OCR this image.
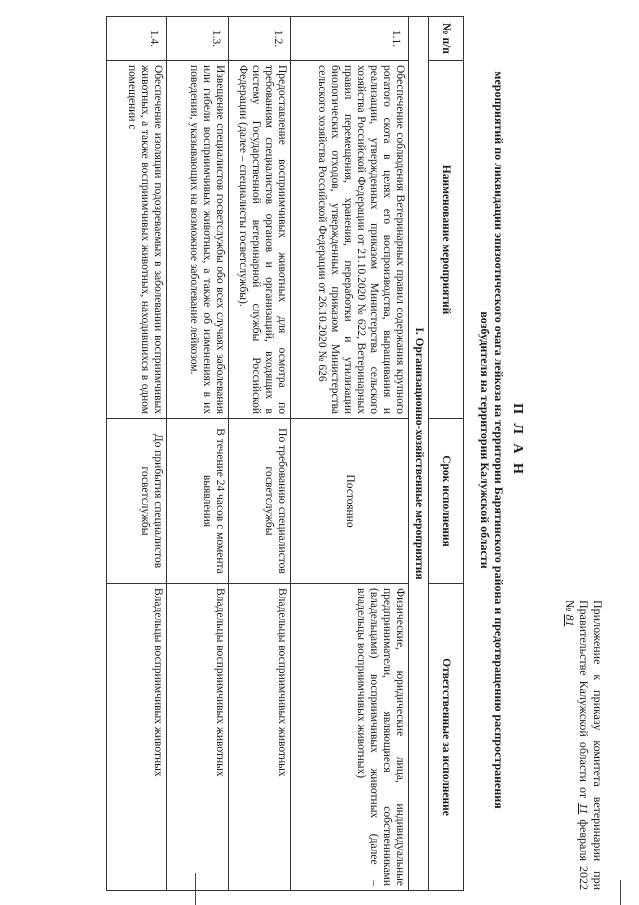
Приложение к приказу комитета ветеринарии при Правительстве Калужской области от 11 февраля 2022 № 81
П Л А Н
мероприятий по ликвидации эпизоотического очага лейкоза на территории Барятинского района и предотвращению распространения возбудителя на территории Калужской области
№ п/п	Наименование мероприятий	Срок исполнения	Ответственные за исполнение
I. Организационно-хозяйственные мероприятия			
1.1.	Обеспечение соблюдения Ветеринарных правил содержания крупного рогатого скота в целях его воспроизводства, выращивания и реализации, утвержденных приказом Министерства сельского хозяйства Российской Федерации от 21.10.2020 № 622, Ветеринарных правил перемещения, хранения, переработки и утилизации биологических отходов, утвержденных приказом Министерства сельского хозяйства Российской Федерации от 26.10.2020 № 626	Постоянно	Физические, юридические лица, индивидуальные предприниматели, являющиеся собственниками (владельцами) восприимчивых животных (далее – владельцы восприимчивых животных)
1.2.	Предоставление восприимчивых животных для осмотра по требованиям специалистов органов и организаций, входящих в систему Государственной ветеринарной службы Российской Федерации (далее – специалисты госветслужбы).	По требованию специалистов госветслужбы	Владельцы восприимчивых животных
1.3.	Извещение специалистов госветслужбы обо всех случаях заболевания или гибели восприимчивых животных, а также об изменениях в их поведении, указывающих на возможное заболевание лейкозом.	В течение 24 часов с момента выявления	Владельцы восприимчивых животных
1.4.	Обеспечение изоляции подозреваемых в заболевании восприимчивых животных, а также восприимчивых животных, находившихся в одном помещении с	До прибытия специалистов госветслужбы	Владельцы восприимчивых животных
